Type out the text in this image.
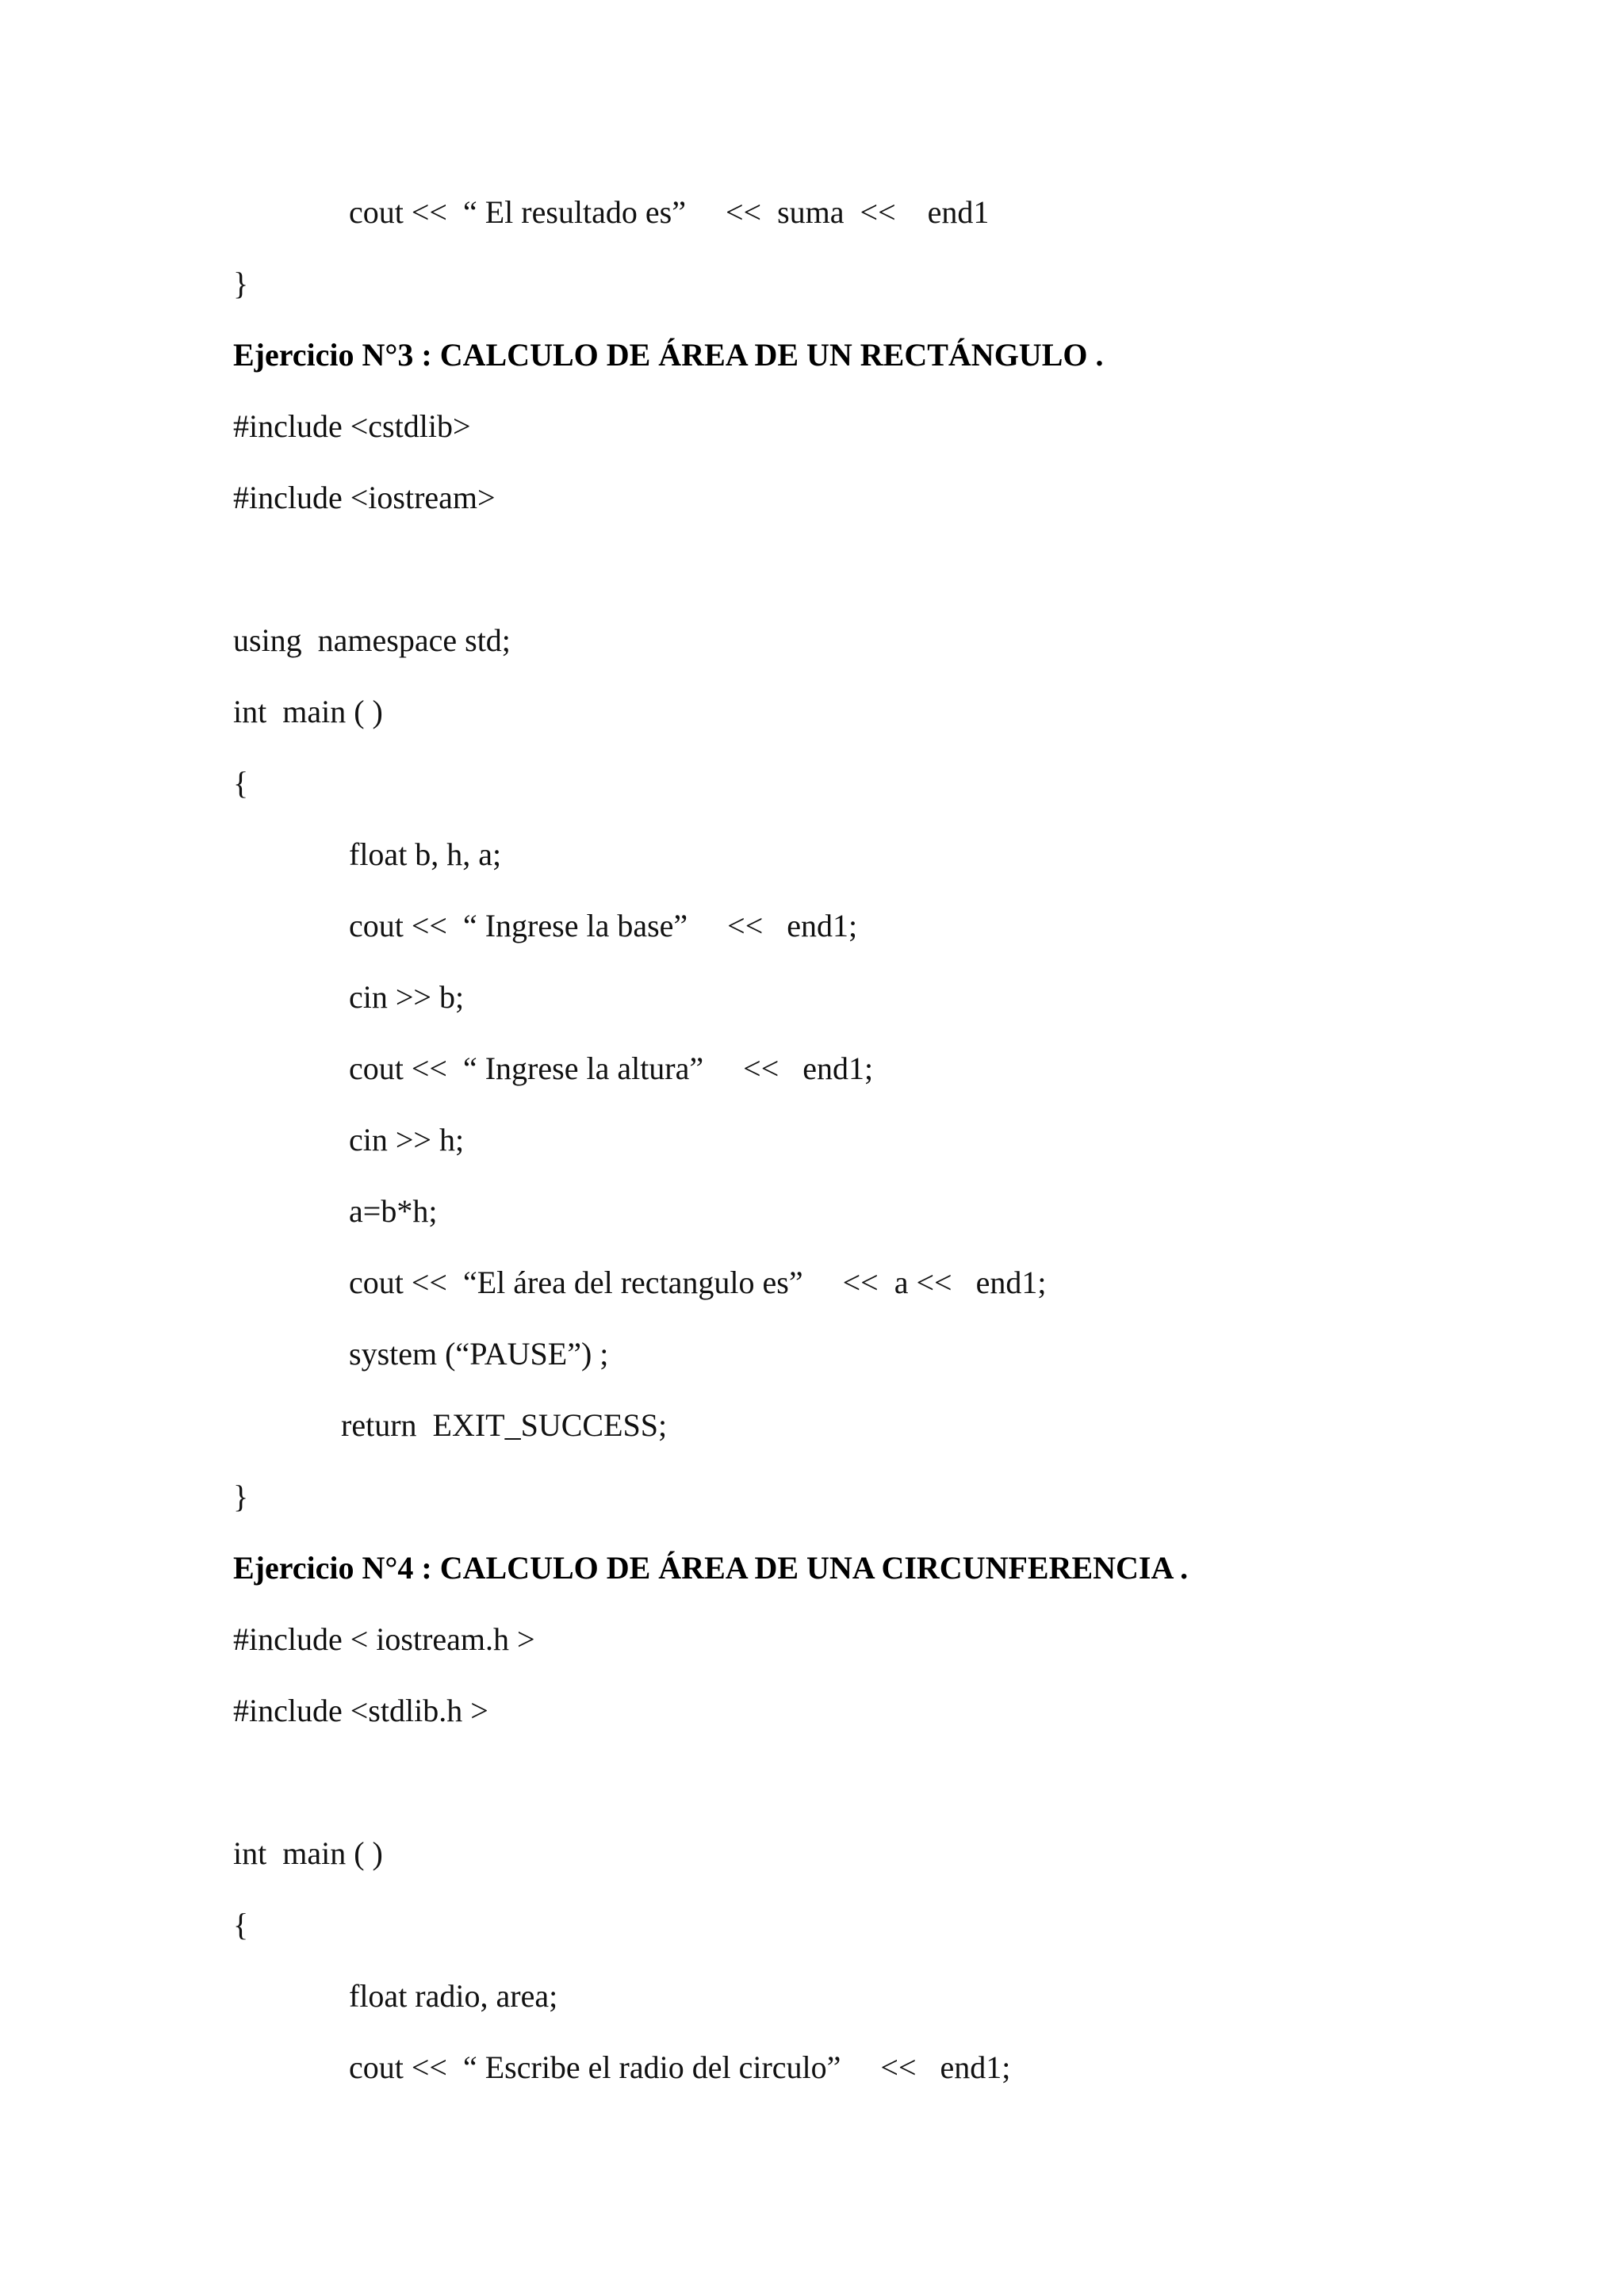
cout <<  “ El resultado es”     <<  suma  <<    end1
}
Ejercicio N°3 : CALCULO DE ÁREA DE UN RECTÁNGULO .
#include <cstdlib>
#include <iostream>
using  namespace std;
int  main ( )
{
float b, h, a;
cout <<  “ Ingrese la base”     <<   end1;
cin >> b;
cout <<  “ Ingrese la altura”     <<   end1;
cin >> h;
a=b*h;
cout <<  “El área del rectangulo es”     <<  a <<   end1;
system (“PAUSE”) ;
return  EXIT_SUCCESS;
}
Ejercicio N°4 : CALCULO DE ÁREA DE UNA CIRCUNFERENCIA .
#include < iostream.h >
#include <stdlib.h >
int  main ( )
{
float radio, area;
cout <<  “ Escribe el radio del circulo”     <<   end1;
